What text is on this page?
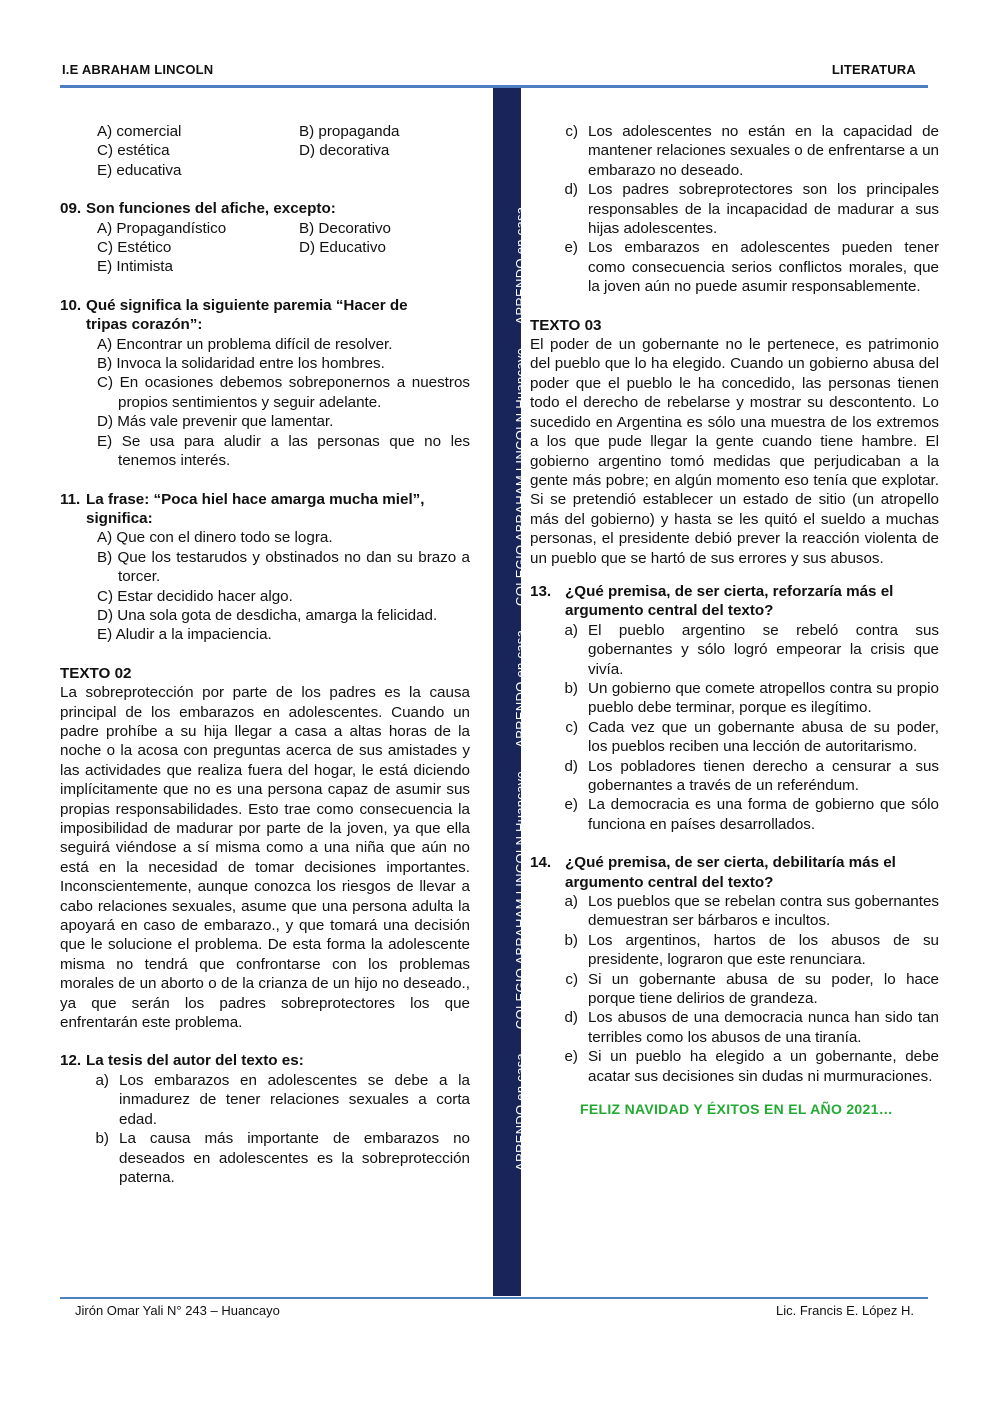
I.E ABRAHAM LINCOLN	LITERATURA
APRENDO en casa COLEGIO ABRAHAM LINCOLN Huancayo APRENDO en casa COLEGIO ABRAHAM LINCOLN Huancayo APRENDO en casa
A) comercial	B) propaganda
C) estética	D) decorativa
E) educativa
09. Son funciones del afiche, excepto:
A) Propagandístico	B) Decorativo
C) Estético	D) Educativo
E) Intimista
10. Qué significa la siguiente paremia “Hacer de
tripas corazón”:
A) Encontrar un problema difícil de resolver.
B) Invoca la solidaridad entre los hombres.
C) En ocasiones debemos sobreponernos a nuestros propios sentimientos y seguir adelante.
D) Más vale prevenir que lamentar.
E) Se usa para aludir a las personas que no les tenemos interés.
11. La frase: “Poca hiel hace amarga mucha miel”,
significa:
A) Que con el dinero todo se logra.
B) Que los testarudos y obstinados no dan su brazo a torcer.
C) Estar decidido hacer algo.
D) Una sola gota de desdicha, amarga la felicidad.
E) Aludir a la impaciencia.
TEXTO 02
La sobreprotección por parte de los padres es la causa principal de los embarazos en adolescentes. Cuando un padre prohíbe a su hija llegar a casa a altas horas de la noche o la acosa con preguntas acerca de sus amistades y las actividades que realiza fuera del hogar, le está diciendo implícitamente que no es una persona capaz de asumir sus propias responsabilidades. Esto trae como consecuencia la imposibilidad de madurar por parte de la joven, ya que ella seguirá viéndose a sí misma como a una niña que aún no está en la necesidad de tomar decisiones importantes. Inconscientemente, aunque conozca los riesgos de llevar a cabo relaciones sexuales, asume que una persona adulta la apoyará en caso de embarazo., y que tomará una decisión que le solucione el problema. De esta forma la adolescente misma no tendrá que confrontarse con los problemas morales de un aborto o de la crianza de un hijo no deseado., ya que serán los padres sobreprotectores los que enfrentarán este problema.
12. La tesis del autor del texto es:
a) Los embarazos en adolescentes se debe a la inmadurez de tener relaciones sexuales a corta edad.
b) La causa más importante de embarazos no deseados en adolescentes es la sobreprotección paterna.
c) Los adolescentes no están en la capacidad de mantener relaciones sexuales o de enfrentarse a un embarazo no deseado.
d) Los padres sobreprotectores son los principales responsables de la incapacidad de madurar a sus hijas adolescentes.
e) Los embarazos en adolescentes pueden tener como consecuencia serios conflictos morales, que la joven aún no puede asumir responsablemente.
TEXTO 03
El poder de un gobernante no le pertenece, es patrimonio del pueblo que lo ha elegido. Cuando un gobierno abusa del poder que el pueblo le ha concedido, las personas tienen todo el derecho de rebelarse y mostrar su descontento. Lo sucedido en Argentina es sólo una muestra de los extremos a los que pude llegar la gente cuando tiene hambre. El gobierno argentino tomó medidas que perjudicaban a la gente más pobre; en algún momento eso tenía que explotar. Si se pretendió establecer un estado de sitio (un atropello más del gobierno) y hasta se les quitó el sueldo a muchas personas, el presidente debió prever la reacción violenta de un pueblo que se hartó de sus errores y sus abusos.
13. ¿Qué premisa, de ser cierta, reforzaría más el
argumento central del texto?
a) El pueblo argentino se rebeló contra sus gobernantes y sólo logró empeorar la crisis que vivía.
b) Un gobierno que comete atropellos contra su propio pueblo debe terminar, porque es ilegítimo.
c) Cada vez que un gobernante abusa de su poder, los pueblos reciben una lección de autoritarismo.
d) Los pobladores tienen derecho a censurar a sus gobernantes a través de un referéndum.
e) La democracia es una forma de gobierno que sólo funciona en países desarrollados.
14. ¿Qué premisa, de ser cierta, debilitaría más el
argumento central del texto?
a) Los pueblos que se rebelan contra sus gobernantes demuestran ser bárbaros e incultos.
b) Los argentinos, hartos de los abusos de su presidente, lograron que este renunciara.
c) Si un gobernante abusa de su poder, lo hace porque tiene delirios de grandeza.
d) Los abusos de una democracia nunca han sido tan terribles como los abusos de una tiranía.
e) Si un pueblo ha elegido a un gobernante, debe acatar sus decisiones sin dudas ni murmuraciones.
FELIZ NAVIDAD Y ÉXITOS EN EL AÑO 2021…
Jirón Omar Yali N° 243 – Huancayo	Lic. Francis E. López H.
